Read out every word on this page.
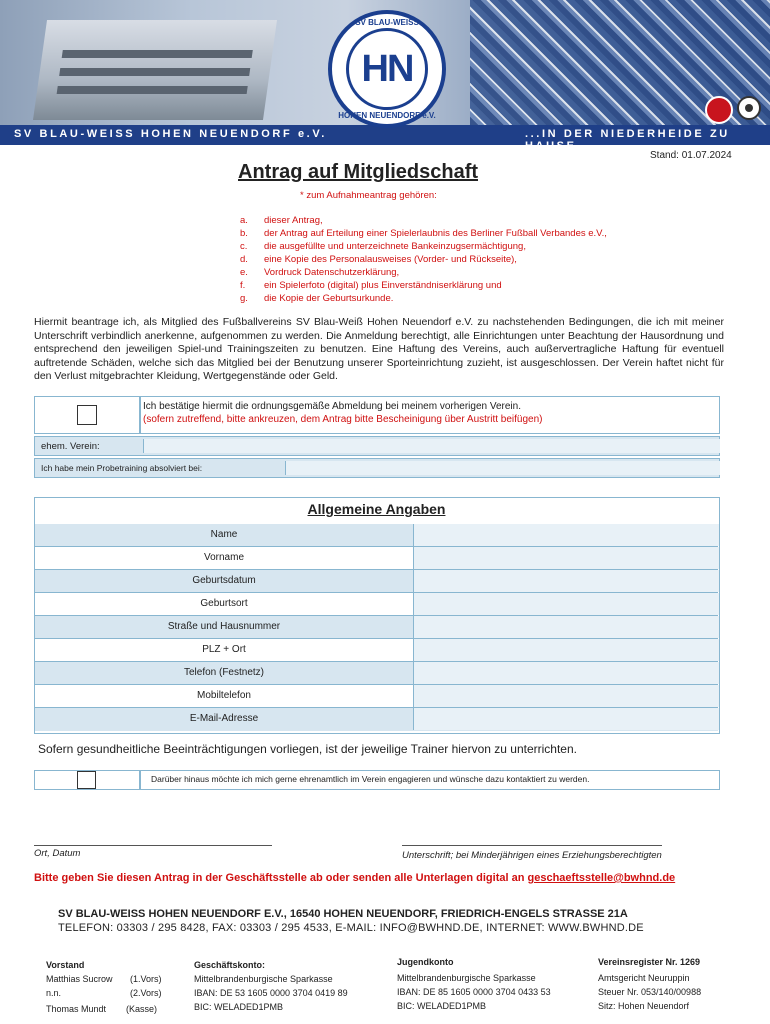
SV BLAU-WEISS HOHEN NEUENDORF e.V.	...IN DER NIEDERHEIDE ZU HAUSE
SV BLAU-WEISS
HN
HOHEN NEUENDORF e.V.
Stand: 01.07.2024
Antrag auf Mitgliedschaft
* zum Aufnahmeantrag gehören:
a.	dieser Antrag,
b.	der Antrag auf Erteilung einer Spielerlaubnis des Berliner Fußball Verbandes e.V.,
c.	die ausgefüllte und unterzeichnete Bankeinzugsermächtigung,
d.	eine Kopie des Personalausweises (Vorder- und Rückseite),
e.	Vordruck Datenschutzerklärung,
f.	ein Spielerfoto (digital) plus Einverständniserklärung und
g.	die Kopie der Geburtsurkunde.
Hiermit beantrage ich, als Mitglied des Fußballvereins SV Blau-Weiß Hohen Neuendorf e.V. zu nachstehenden Bedingungen, die ich mit meiner Unterschrift verbindlich anerkenne, aufgenommen zu werden. Die Anmeldung berechtigt, alle Einrichtungen unter Beachtung der Hausordnung und entsprechend den jeweiligen Spiel-und Trainingszeiten zu benutzen. Eine Haftung des Vereins, auch außervertragliche Haftung für eventuell auftretende Schäden, welche sich das Mitglied bei der Benutzung unserer Sporteinrichtung zuzieht, ist ausgeschlossen. Der Verein haftet nicht für den Verlust mitgebrachter Kleidung, Wertgegenstände oder Geld.
Ich bestätige hiermit die ordnungsgemäße Abmeldung bei meinem vorherigen Verein.
(sofern zutreffend, bitte ankreuzen, dem Antrag bitte Bescheinigung über Austritt beifügen)
ehem. Verein:
Ich habe mein Probetraining absolviert bei:
Allgemeine Angaben
Name
Vorname
Geburtsdatum
Geburtsort
Straße und Hausnummer
PLZ + Ort
Telefon (Festnetz)
Mobiltelefon
E-Mail-Adresse
Sofern gesundheitliche Beeinträchtigungen vorliegen, ist der jeweilige Trainer hiervon zu unterrichten.
Darüber hinaus möchte ich mich gerne ehrenamtlich im Verein engagieren und wünsche dazu kontaktiert zu werden.
Ort, Datum	Unterschrift; bei Minderjährigen eines Erziehungsberechtigten
Bitte geben Sie diesen Antrag in der Geschäftsstelle ab oder senden alle Unterlagen digital an geschaeftsstelle@bwhnd.de
SV BLAU-WEISS HOHEN NEUENDORF E.V., 16540 HOHEN NEUENDORF, FRIEDRICH-ENGELS STRASSE 21A
TELEFON: 03303 / 295 8428, FAX: 03303 / 295 4533, E-MAIL: INFO@BWHND.DE, INTERNET: WWW.BWHND.DE
Vorstand
Matthias Sucrow	(1.Vors)
n.n.	(2.Vors)
Thomas Mundt	(Kasse)
Geschäftskonto:
Mittelbrandenburgische Sparkasse
IBAN: DE 53 1605 0000 3704 0419 89
BIC: WELADED1PMB
Jugendkonto
Mittelbrandenburgische Sparkasse
IBAN: DE 85 1605 0000 3704 0433 53
BIC: WELADED1PMB
Vereinsregister Nr. 1269
Amtsgericht Neuruppin
Steuer Nr. 053/140/00988
Sitz: Hohen Neuendorf
